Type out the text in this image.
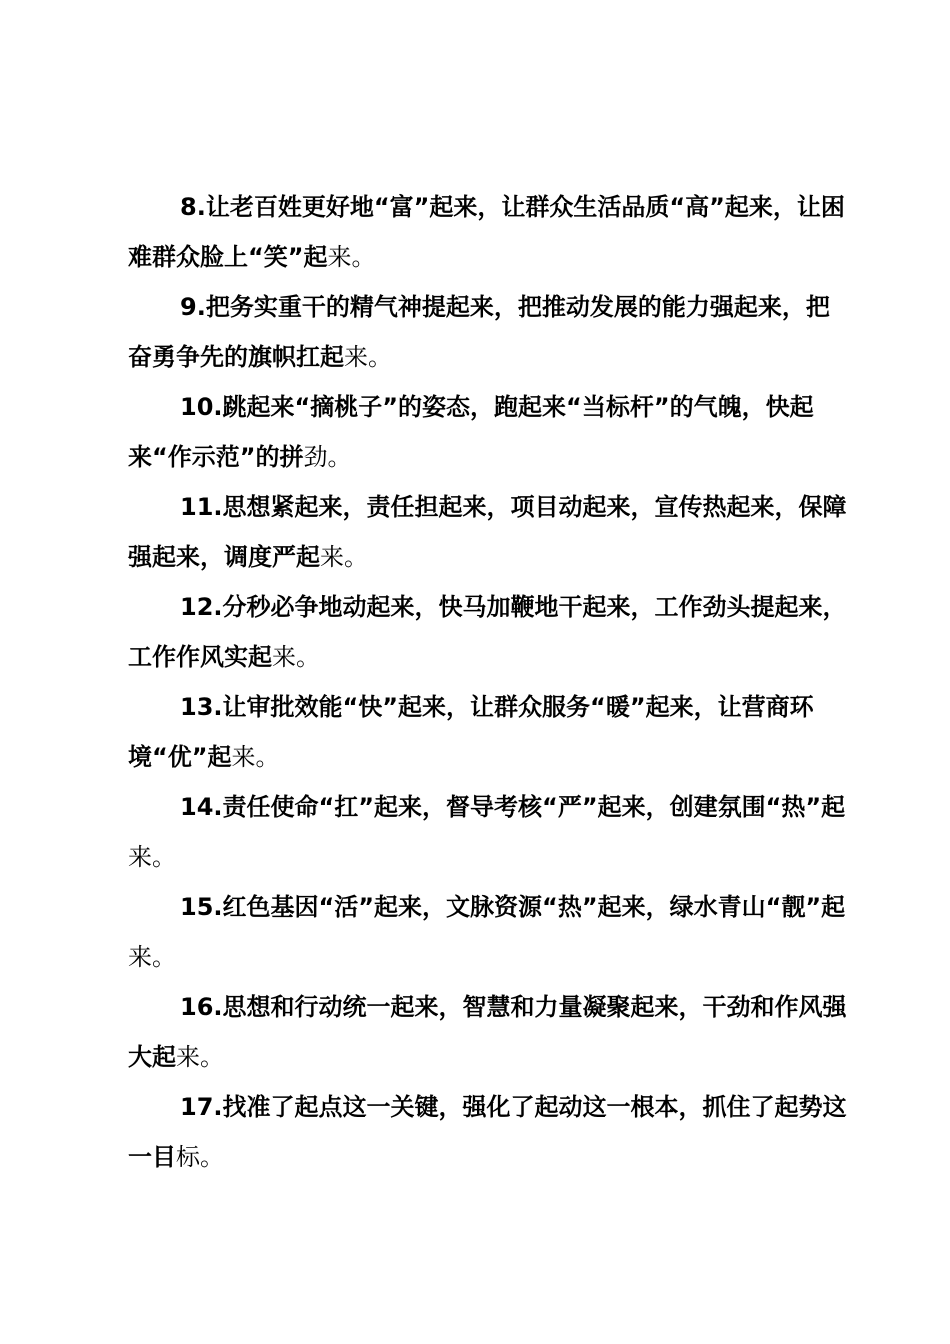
8.让老百姓更好地“富”起来，让群众生活品质“高”起来，让困难群众脸上“笑”起来。

9.把务实重干的精气神提起来，把推动发展的能力强起来，把奋勇争先的旗帜扛起来。

10.跳起来“摘桃子”的姿态，跑起来“当标杆”的气魄，快起来“作示范”的拼劲。

11.思想紧起来，责任担起来，项目动起来，宣传热起来，保障强起来，调度严起来。

12.分秒必争地动起来，快马加鞭地干起来，工作劲头提起来，工作作风实起来。

13.让审批效能“快”起来，让群众服务“暖”起来，让营商环境“优”起来。

14.责任使命“扛”起来，督导考核“严”起来，创建氛围“热”起来。

15.红色基因“活”起来，文脉资源“热”起来，绿水青山“靓”起来。

16.思想和行动统一起来，智慧和力量凝聚起来，干劲和作风强大起来。

17.找准了起点这一关键，强化了起动这一根本，抓住了起势这一目标。
